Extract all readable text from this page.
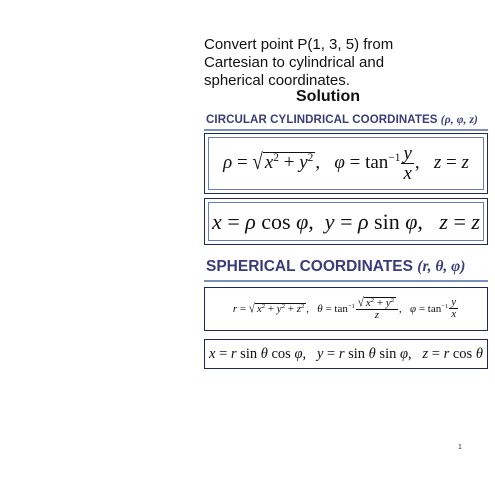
Convert point P(1, 3, 5) from
Cartesian to cylindrical and
spherical coordinates.
Solution
CIRCULAR CYLINDRICAL COORDINATES (ρ, φ, z)
ρ = √ $x^2 + y^2$ ,   $\varphi = \tan^{-1} \frac{y}{x}$ ,   z = z
x = ρ cos φ,  y = ρ sin φ,   z = z
SPHERICAL COORDINATES (r, θ, φ)
r = √ $x^2 + y^2 + z^2$ ,   $\theta = \tan^{-1} \frac{√ x^2 + y^2}{z}$ ,   $\varphi = \tan^{-1} \frac{y}{x}$
x = r sin θ cos φ,   y = r sin θ sin φ,   z = r cos θ
1
